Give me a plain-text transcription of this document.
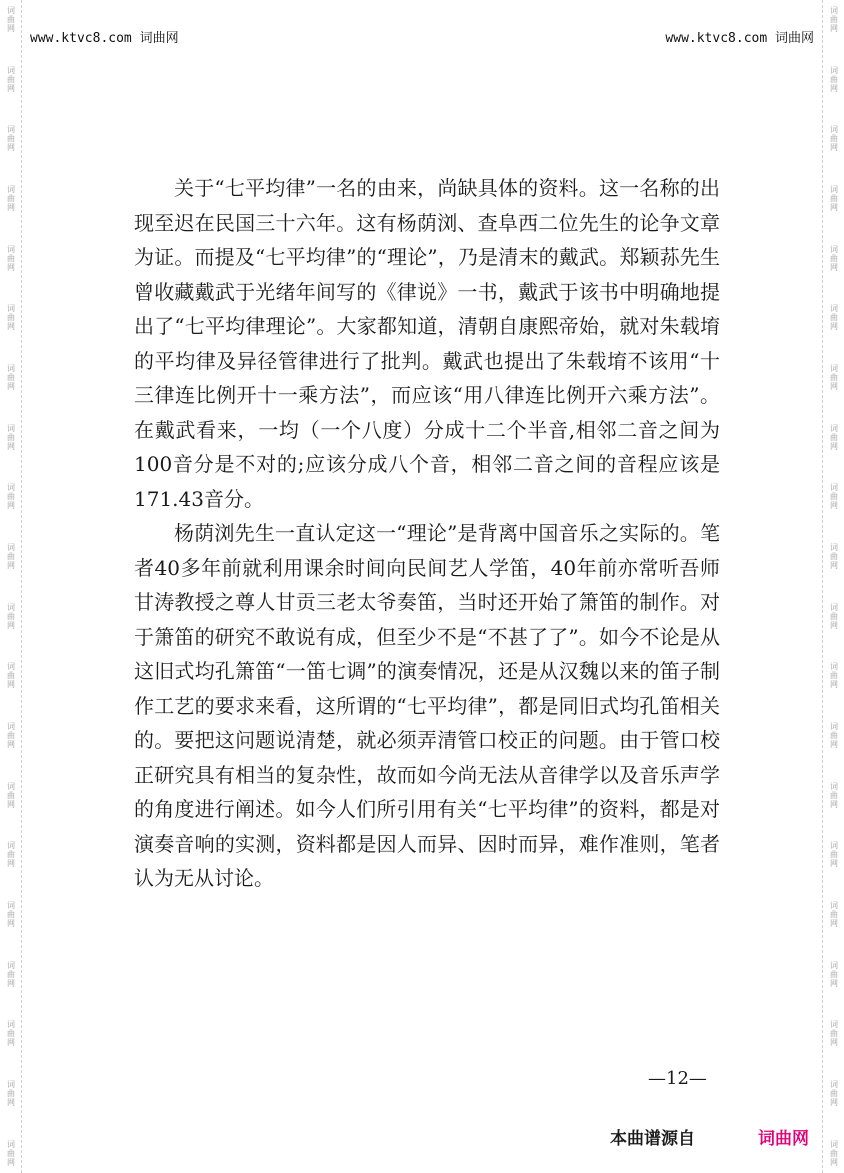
词曲网
词曲网
词曲网
词曲网
词曲网
词曲网
词曲网
词曲网
词曲网
词曲网
词曲网
词曲网
词曲网
词曲网
词曲网
词曲网
词曲网
词曲网
词曲网
词曲网
词曲网
词曲网
词曲网
词曲网
词曲网
词曲网
词曲网
词曲网
词曲网
词曲网
词曲网
词曲网
词曲网
词曲网
词曲网
词曲网
词曲网
词曲网
词曲网
词曲网
www.ktvc8.com 词曲网	www.ktvc8.com 词曲网

关于“七平均律”一名的由来，尚缺具体的资料。这一名称的出现至迟在民国三十六年。这有杨荫浏、查阜西二位先生的论争文章为证。而提及“七平均律”的“理论”，乃是清末的戴武。郑颖荪先生曾收藏戴武于光绪年间写的《律说》一书，戴武于该书中明确地提出了“七平均律理论”。大家都知道，清朝自康熙帝始，就对朱载堉的平均律及异径管律进行了批判。戴武也提出了朱载堉不该用“十三律连比例开十一乘方法”，而应该“用八律连比例开六乘方法”。在戴武看来，一均（一个八度）分成十二个半音,相邻二音之间为100音分是不对的;应该分成八个音，相邻二音之间的音程应该是171.43音分。

杨荫浏先生一直认定这一“理论”是背离中国音乐之实际的。笔者40多年前就利用课余时间向民间艺人学笛，40年前亦常听吾师甘涛教授之尊人甘贡三老太爷奏笛，当时还开始了箫笛的制作。对于箫笛的研究不敢说有成，但至少不是“不甚了了”。如今不论是从这旧式均孔箫笛“一笛七调”的演奏情况，还是从汉魏以来的笛子制作工艺的要求来看，这所谓的“七平均律”，都是同旧式均孔笛相关的。要把这问题说清楚，就必须弄清管口校正的问题。由于管口校正研究具有相当的复杂性，故而如今尚无法从音律学以及音乐声学的角度进行阐述。如今人们所引用有关“七平均律”的资料，都是对演奏音响的实测，资料都是因人而异、因时而异，难作准则，笔者认为无从讨论。

—12—
本曲谱源自	词曲网
